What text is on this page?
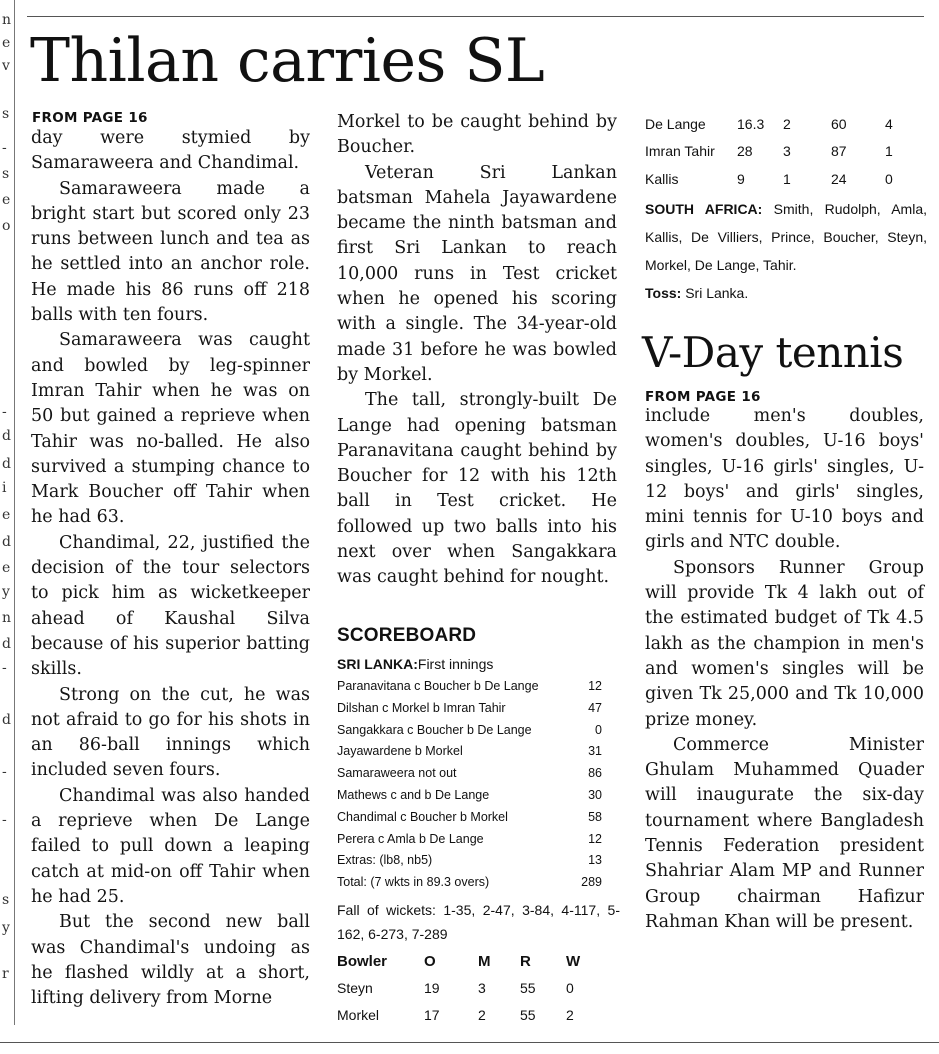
n
e
v
s
-
s
e
o
-
d
d
i
e
d
e
y
n
d
-
d
-
-
s
y
r
Thilan carries SL
FROM PAGE 16

day were stymied by Samaraweera and Chandimal.

Samaraweera made a bright start but scored only 23 runs between lunch and tea as he settled into an anchor role. He made his 86 runs off 218 balls with ten fours.

Samaraweera was caught and bowled by leg-spinner Imran Tahir when he was on 50 but gained a reprieve when Tahir was no-balled. He also survived a stumping chance to Mark Boucher off Tahir when he had 63.

Chandimal, 22, justified the decision of the tour selectors to pick him as wicketkeeper ahead of Kaushal Silva because of his superior batting skills.

Strong on the cut, he was not afraid to go for his shots in an 86-ball innings which included seven fours.

Chandimal was also handed a reprieve when De Lange failed to pull down a leaping catch at mid-on off Tahir when he had 25.

But the second new ball was Chandimal's undoing as he flashed wildly at a short, lifting delivery from Morne

Morkel to be caught behind by Boucher.

Veteran Sri Lankan batsman Mahela Jayawardene became the ninth batsman and first Sri Lankan to reach 10,000 runs in Test cricket when he opened his scoring with a single. The 34-year-old made 31 before he was bowled by Morkel.

The tall, strongly-built De Lange had opening batsman Paranavitana caught behind by Boucher for 12 with his 12th ball in Test cricket. He followed up two balls into his next over when Sangakkara was caught behind for nought.

SCOREBOARD
SRI LANKA:First innings
Paranavitana c Boucher b De Lange	12
Dilshan c Morkel b Imran Tahir	47
Sangakkara c Boucher b De Lange	0
Jayawardene b Morkel	31
Samaraweera not out	86
Mathews c and b De Lange	30
Chandimal c Boucher b Morkel	58
Perera c Amla b De Lange	12
Extras: (lb8, nb5)	13
Total: (7 wkts in 89.3 overs)	289
Fall of wickets: 1-35, 2-47, 3-84, 4-117, 5-162, 6-273, 7-289
Bowler	O	M	R	W
Steyn	19	3	55	0
Morkel	17	2	55	2
De Lange	16.3	2	60	4
Imran Tahir	28	3	87	1
Kallis	9	1	24	0
SOUTH AFRICA: Smith, Rudolph, Amla, Kallis, De Villiers, Prince, Boucher, Steyn, Morkel, De Lange, Tahir.
Toss: Sri Lanka.
V-Day tennis
FROM PAGE 16

include men's doubles, women's doubles, U-16 boys' singles, U-16 girls' singles, U-12 boys' and girls' singles, mini tennis for U-10 boys and girls and NTC double.

Sponsors Runner Group will provide Tk 4 lakh out of the estimated budget of Tk 4.5 lakh as the champion in men's and women's singles will be given Tk 25,000 and Tk 10,000 prize money.

Commerce Minister Ghulam Muhammed Quader will inaugurate the six-day tournament where Bangladesh Tennis Federation president Shahriar Alam MP and Runner Group chairman Hafizur Rahman Khan will be present.
